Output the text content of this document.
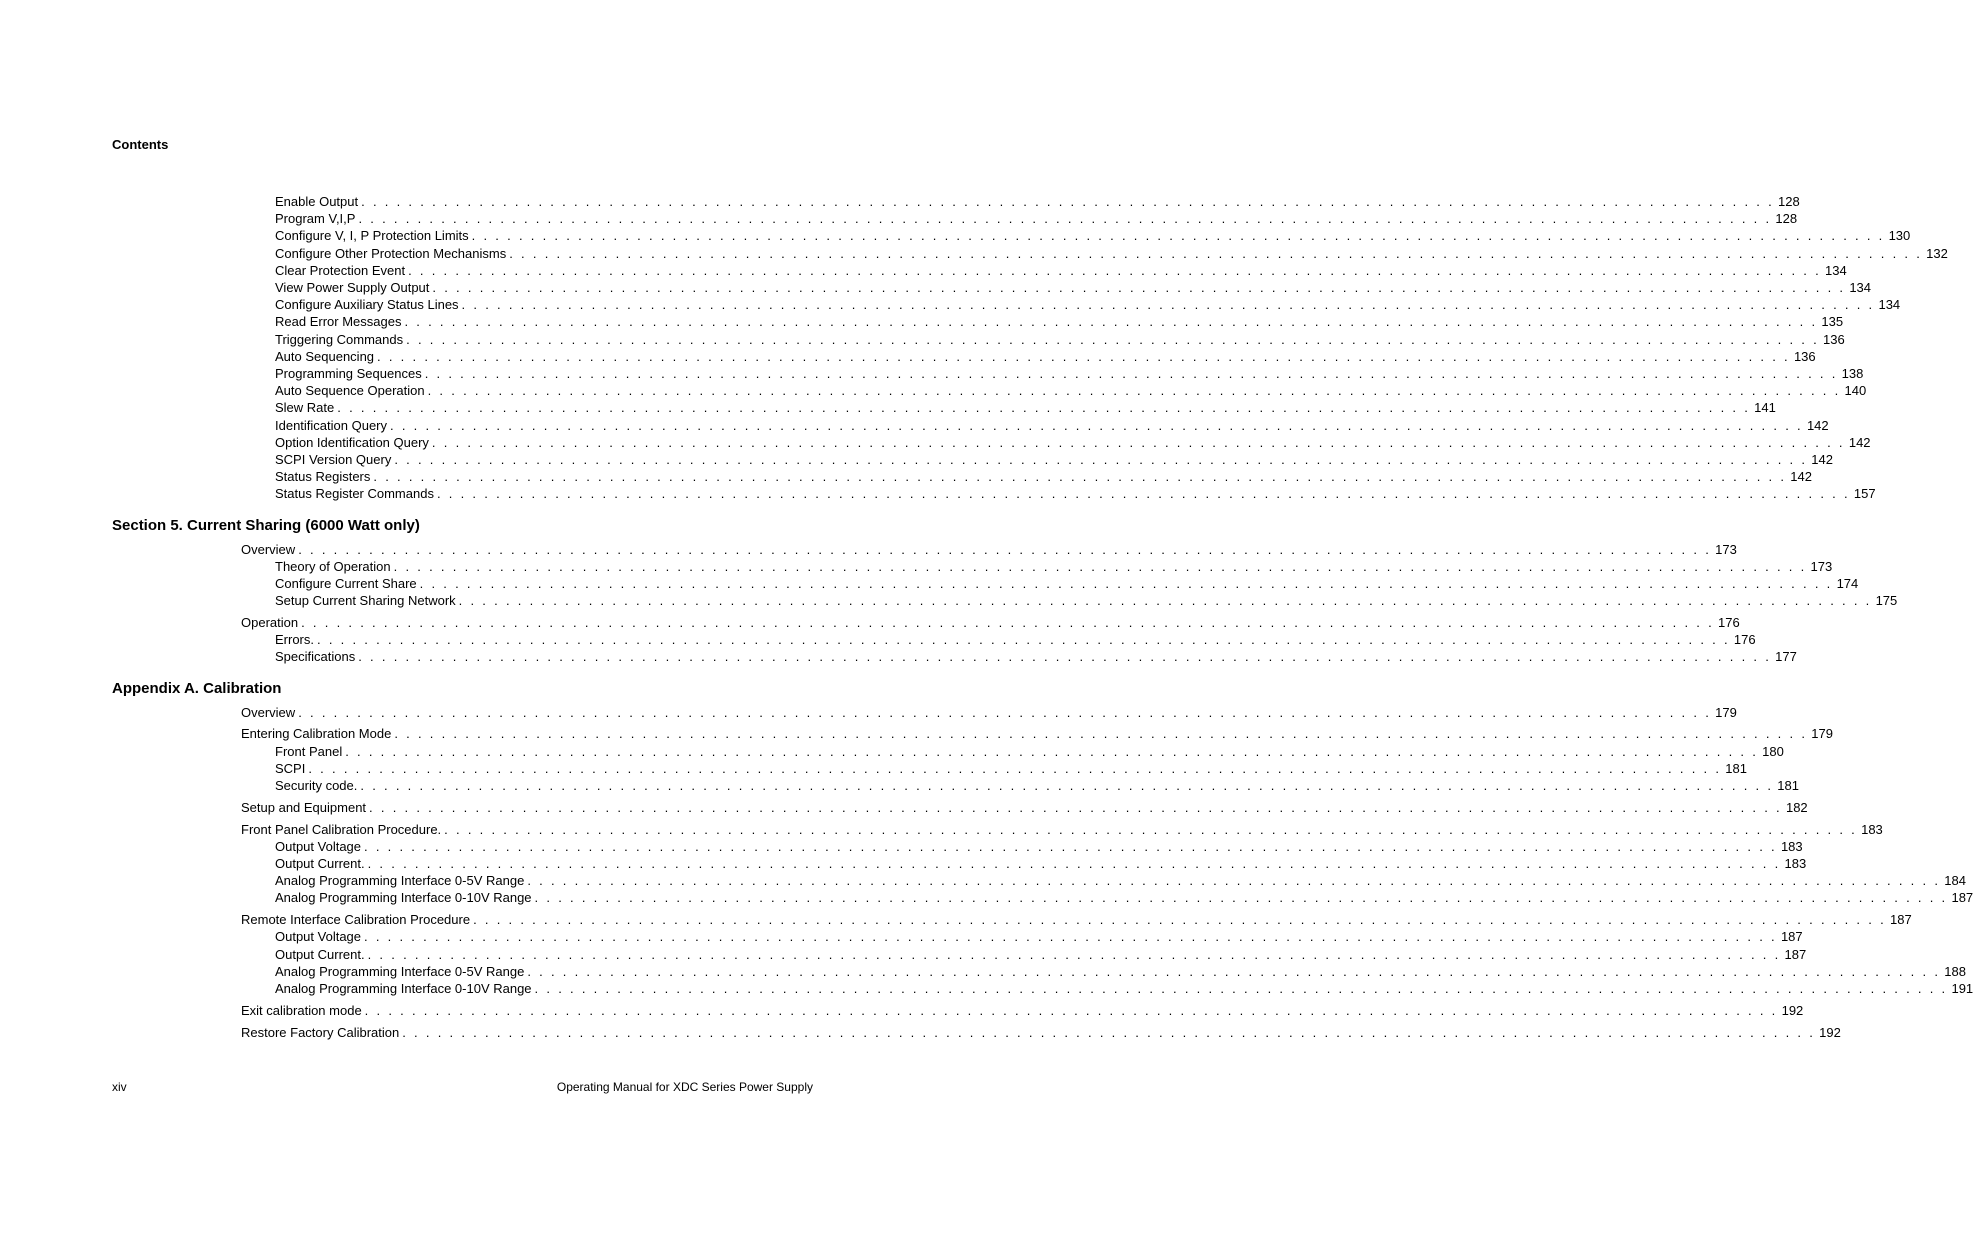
Contents

Enable Output . . . . . . . . . . . . . . . . . . . . . . . . . . . . . . . . . . . . . . . . . . . . . . . . . . . . . . . . . . . . . . . . . . . . . . . . . . . . . . . . . . . . . . . . . . . . . . . . . . . . . . . . . . . . . . . . . . . . . . . . 128
Program V,I,P . . . . . . . . . . . . . . . . . . . . . . . . . . . . . . . . . . . . . . . . . . . . . . . . . . . . . . . . . . . . . . . . . . . . . . . . . . . . . . . . . . . . . . . . . . . . . . . . . . . . . . . . . . . . . . . . . . . . . . . . 128
Configure V, I, P Protection Limits . . . . . . . . . . . . . . . . . . . . . . . . . . . . . . . . . . . . . . . . . . . . . . . . . . . . . . . . . . . . . . . . . . . . . . . . . . . . . . . . . . . . . . . . . . . . . . . . . . . . . . . . . . . . . . . . . . . . . . . . 130
Configure Other Protection Mechanisms . . . . . . . . . . . . . . . . . . . . . . . . . . . . . . . . . . . . . . . . . . . . . . . . . . . . . . . . . . . . . . . . . . . . . . . . . . . . . . . . . . . . . . . . . . . . . . . . . . . . . . . . . . . . . . . . . . . . . . . . 132
Clear Protection Event . . . . . . . . . . . . . . . . . . . . . . . . . . . . . . . . . . . . . . . . . . . . . . . . . . . . . . . . . . . . . . . . . . . . . . . . . . . . . . . . . . . . . . . . . . . . . . . . . . . . . . . . . . . . . . . . . . . . . . . . 134
View Power Supply Output . . . . . . . . . . . . . . . . . . . . . . . . . . . . . . . . . . . . . . . . . . . . . . . . . . . . . . . . . . . . . . . . . . . . . . . . . . . . . . . . . . . . . . . . . . . . . . . . . . . . . . . . . . . . . . . . . . . . . . . . 134
Configure Auxiliary Status Lines . . . . . . . . . . . . . . . . . . . . . . . . . . . . . . . . . . . . . . . . . . . . . . . . . . . . . . . . . . . . . . . . . . . . . . . . . . . . . . . . . . . . . . . . . . . . . . . . . . . . . . . . . . . . . . . . . . . . . . . . 134
Read Error Messages . . . . . . . . . . . . . . . . . . . . . . . . . . . . . . . . . . . . . . . . . . . . . . . . . . . . . . . . . . . . . . . . . . . . . . . . . . . . . . . . . . . . . . . . . . . . . . . . . . . . . . . . . . . . . . . . . . . . . . . . 135
Triggering Commands . . . . . . . . . . . . . . . . . . . . . . . . . . . . . . . . . . . . . . . . . . . . . . . . . . . . . . . . . . . . . . . . . . . . . . . . . . . . . . . . . . . . . . . . . . . . . . . . . . . . . . . . . . . . . . . . . . . . . . . . 136
Auto Sequencing . . . . . . . . . . . . . . . . . . . . . . . . . . . . . . . . . . . . . . . . . . . . . . . . . . . . . . . . . . . . . . . . . . . . . . . . . . . . . . . . . . . . . . . . . . . . . . . . . . . . . . . . . . . . . . . . . . . . . . . . 136
Programming Sequences . . . . . . . . . . . . . . . . . . . . . . . . . . . . . . . . . . . . . . . . . . . . . . . . . . . . . . . . . . . . . . . . . . . . . . . . . . . . . . . . . . . . . . . . . . . . . . . . . . . . . . . . . . . . . . . . . . . . . . . . 138
Auto Sequence Operation . . . . . . . . . . . . . . . . . . . . . . . . . . . . . . . . . . . . . . . . . . . . . . . . . . . . . . . . . . . . . . . . . . . . . . . . . . . . . . . . . . . . . . . . . . . . . . . . . . . . . . . . . . . . . . . . . . . . . . . . 140
Slew Rate . . . . . . . . . . . . . . . . . . . . . . . . . . . . . . . . . . . . . . . . . . . . . . . . . . . . . . . . . . . . . . . . . . . . . . . . . . . . . . . . . . . . . . . . . . . . . . . . . . . . . . . . . . . . . . . . . . . . . . . . 141
Identification Query . . . . . . . . . . . . . . . . . . . . . . . . . . . . . . . . . . . . . . . . . . . . . . . . . . . . . . . . . . . . . . . . . . . . . . . . . . . . . . . . . . . . . . . . . . . . . . . . . . . . . . . . . . . . . . . . . . . . . . . . 142
Option Identification Query . . . . . . . . . . . . . . . . . . . . . . . . . . . . . . . . . . . . . . . . . . . . . . . . . . . . . . . . . . . . . . . . . . . . . . . . . . . . . . . . . . . . . . . . . . . . . . . . . . . . . . . . . . . . . . . . . . . . . . . . 142
SCPI Version Query . . . . . . . . . . . . . . . . . . . . . . . . . . . . . . . . . . . . . . . . . . . . . . . . . . . . . . . . . . . . . . . . . . . . . . . . . . . . . . . . . . . . . . . . . . . . . . . . . . . . . . . . . . . . . . . . . . . . . . . . 142
Status Registers . . . . . . . . . . . . . . . . . . . . . . . . . . . . . . . . . . . . . . . . . . . . . . . . . . . . . . . . . . . . . . . . . . . . . . . . . . . . . . . . . . . . . . . . . . . . . . . . . . . . . . . . . . . . . . . . . . . . . . . . 142
Status Register Commands . . . . . . . . . . . . . . . . . . . . . . . . . . . . . . . . . . . . . . . . . . . . . . . . . . . . . . . . . . . . . . . . . . . . . . . . . . . . . . . . . . . . . . . . . . . . . . . . . . . . . . . . . . . . . . . . . . . . . . . . 157
Section 5. Current Sharing (6000 Watt only)
Overview . . . . . . . . . . . . . . . . . . . . . . . . . . . . . . . . . . . . . . . . . . . . . . . . . . . . . . . . . . . . . . . . . . . . . . . . . . . . . . . . . . . . . . . . . . . . . . . . . . . . . . . . . . . . . . . . . . . . . . . . 173
Theory of Operation . . . . . . . . . . . . . . . . . . . . . . . . . . . . . . . . . . . . . . . . . . . . . . . . . . . . . . . . . . . . . . . . . . . . . . . . . . . . . . . . . . . . . . . . . . . . . . . . . . . . . . . . . . . . . . . . . . . . . . . . 173
Configure Current Share . . . . . . . . . . . . . . . . . . . . . . . . . . . . . . . . . . . . . . . . . . . . . . . . . . . . . . . . . . . . . . . . . . . . . . . . . . . . . . . . . . . . . . . . . . . . . . . . . . . . . . . . . . . . . . . . . . . . . . . . 174
Setup Current Sharing Network . . . . . . . . . . . . . . . . . . . . . . . . . . . . . . . . . . . . . . . . . . . . . . . . . . . . . . . . . . . . . . . . . . . . . . . . . . . . . . . . . . . . . . . . . . . . . . . . . . . . . . . . . . . . . . . . . . . . . . . . 175
Operation . . . . . . . . . . . . . . . . . . . . . . . . . . . . . . . . . . . . . . . . . . . . . . . . . . . . . . . . . . . . . . . . . . . . . . . . . . . . . . . . . . . . . . . . . . . . . . . . . . . . . . . . . . . . . . . . . . . . . . . . 176
Errors. . . . . . . . . . . . . . . . . . . . . . . . . . . . . . . . . . . . . . . . . . . . . . . . . . . . . . . . . . . . . . . . . . . . . . . . . . . . . . . . . . . . . . . . . . . . . . . . . . . . . . . . . . . . . . . . . . . . . . . . . 176
Specifications . . . . . . . . . . . . . . . . . . . . . . . . . . . . . . . . . . . . . . . . . . . . . . . . . . . . . . . . . . . . . . . . . . . . . . . . . . . . . . . . . . . . . . . . . . . . . . . . . . . . . . . . . . . . . . . . . . . . . . . . 177
Appendix A. Calibration
Overview . . . . . . . . . . . . . . . . . . . . . . . . . . . . . . . . . . . . . . . . . . . . . . . . . . . . . . . . . . . . . . . . . . . . . . . . . . . . . . . . . . . . . . . . . . . . . . . . . . . . . . . . . . . . . . . . . . . . . . . . 179
Entering Calibration Mode . . . . . . . . . . . . . . . . . . . . . . . . . . . . . . . . . . . . . . . . . . . . . . . . . . . . . . . . . . . . . . . . . . . . . . . . . . . . . . . . . . . . . . . . . . . . . . . . . . . . . . . . . . . . . . . . . . . . . . . . 179
Front Panel . . . . . . . . . . . . . . . . . . . . . . . . . . . . . . . . . . . . . . . . . . . . . . . . . . . . . . . . . . . . . . . . . . . . . . . . . . . . . . . . . . . . . . . . . . . . . . . . . . . . . . . . . . . . . . . . . . . . . . . . 180
SCPI . . . . . . . . . . . . . . . . . . . . . . . . . . . . . . . . . . . . . . . . . . . . . . . . . . . . . . . . . . . . . . . . . . . . . . . . . . . . . . . . . . . . . . . . . . . . . . . . . . . . . . . . . . . . . . . . . . . . . . . . 181
Security code. . . . . . . . . . . . . . . . . . . . . . . . . . . . . . . . . . . . . . . . . . . . . . . . . . . . . . . . . . . . . . . . . . . . . . . . . . . . . . . . . . . . . . . . . . . . . . . . . . . . . . . . . . . . . . . . . . . . . . . . . 181
Setup and Equipment . . . . . . . . . . . . . . . . . . . . . . . . . . . . . . . . . . . . . . . . . . . . . . . . . . . . . . . . . . . . . . . . . . . . . . . . . . . . . . . . . . . . . . . . . . . . . . . . . . . . . . . . . . . . . . . . . . . . . . . . 182
Front Panel Calibration Procedure. . . . . . . . . . . . . . . . . . . . . . . . . . . . . . . . . . . . . . . . . . . . . . . . . . . . . . . . . . . . . . . . . . . . . . . . . . . . . . . . . . . . . . . . . . . . . . . . . . . . . . . . . . . . . . . . . . . . . . . . . 183
Output Voltage . . . . . . . . . . . . . . . . . . . . . . . . . . . . . . . . . . . . . . . . . . . . . . . . . . . . . . . . . . . . . . . . . . . . . . . . . . . . . . . . . . . . . . . . . . . . . . . . . . . . . . . . . . . . . . . . . . . . . . . . 183
Output Current. . . . . . . . . . . . . . . . . . . . . . . . . . . . . . . . . . . . . . . . . . . . . . . . . . . . . . . . . . . . . . . . . . . . . . . . . . . . . . . . . . . . . . . . . . . . . . . . . . . . . . . . . . . . . . . . . . . . . . . . . 183
Analog Programming Interface 0-5V Range . . . . . . . . . . . . . . . . . . . . . . . . . . . . . . . . . . . . . . . . . . . . . . . . . . . . . . . . . . . . . . . . . . . . . . . . . . . . . . . . . . . . . . . . . . . . . . . . . . . . . . . . . . . . . . . . . . . . . . . . 184
Analog Programming Interface 0-10V Range . . . . . . . . . . . . . . . . . . . . . . . . . . . . . . . . . . . . . . . . . . . . . . . . . . . . . . . . . . . . . . . . . . . . . . . . . . . . . . . . . . . . . . . . . . . . . . . . . . . . . . . . . . . . . . . . . . . . . . . . 187
Remote Interface Calibration Procedure . . . . . . . . . . . . . . . . . . . . . . . . . . . . . . . . . . . . . . . . . . . . . . . . . . . . . . . . . . . . . . . . . . . . . . . . . . . . . . . . . . . . . . . . . . . . . . . . . . . . . . . . . . . . . . . . . . . . . . . . 187
Output Voltage . . . . . . . . . . . . . . . . . . . . . . . . . . . . . . . . . . . . . . . . . . . . . . . . . . . . . . . . . . . . . . . . . . . . . . . . . . . . . . . . . . . . . . . . . . . . . . . . . . . . . . . . . . . . . . . . . . . . . . . . 187
Output Current. . . . . . . . . . . . . . . . . . . . . . . . . . . . . . . . . . . . . . . . . . . . . . . . . . . . . . . . . . . . . . . . . . . . . . . . . . . . . . . . . . . . . . . . . . . . . . . . . . . . . . . . . . . . . . . . . . . . . . . . . 187
Analog Programming Interface 0-5V Range . . . . . . . . . . . . . . . . . . . . . . . . . . . . . . . . . . . . . . . . . . . . . . . . . . . . . . . . . . . . . . . . . . . . . . . . . . . . . . . . . . . . . . . . . . . . . . . . . . . . . . . . . . . . . . . . . . . . . . . . 188
Analog Programming Interface 0-10V Range . . . . . . . . . . . . . . . . . . . . . . . . . . . . . . . . . . . . . . . . . . . . . . . . . . . . . . . . . . . . . . . . . . . . . . . . . . . . . . . . . . . . . . . . . . . . . . . . . . . . . . . . . . . . . . . . . . . . . . . . 191
Exit calibration mode . . . . . . . . . . . . . . . . . . . . . . . . . . . . . . . . . . . . . . . . . . . . . . . . . . . . . . . . . . . . . . . . . . . . . . . . . . . . . . . . . . . . . . . . . . . . . . . . . . . . . . . . . . . . . . . . . . . . . . . . 192
Restore Factory Calibration . . . . . . . . . . . . . . . . . . . . . . . . . . . . . . . . . . . . . . . . . . . . . . . . . . . . . . . . . . . . . . . . . . . . . . . . . . . . . . . . . . . . . . . . . . . . . . . . . . . . . . . . . . . . . . . . . . . . . . . . 192

xiv	Operating Manual for XDC Series Power Supply
